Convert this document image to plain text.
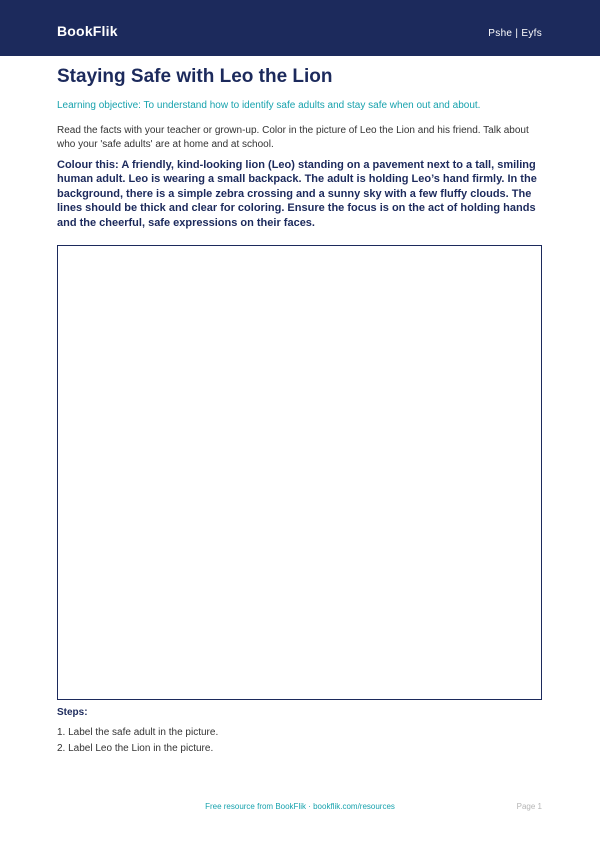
BookFlik	Pshe | Eyfs
Staying Safe with Leo the Lion
Learning objective: To understand how to identify safe adults and stay safe when out and about.
Read the facts with your teacher or grown-up. Color in the picture of Leo the Lion and his friend. Talk about who your 'safe adults' are at home and at school.
Colour this: A friendly, kind-looking lion (Leo) standing on a pavement next to a tall, smiling human adult. Leo is wearing a small backpack. The adult is holding Leo’s hand firmly. In the background, there is a simple zebra crossing and a sunny sky with a few fluffy clouds. The lines should be thick and clear for coloring. Ensure the focus is on the act of holding hands and the cheerful, safe expressions on their faces.
Steps:
1. Label the safe adult in the picture.
2. Label Leo the Lion in the picture.
Free resource from BookFlik · bookflik.com/resources	Page 1
